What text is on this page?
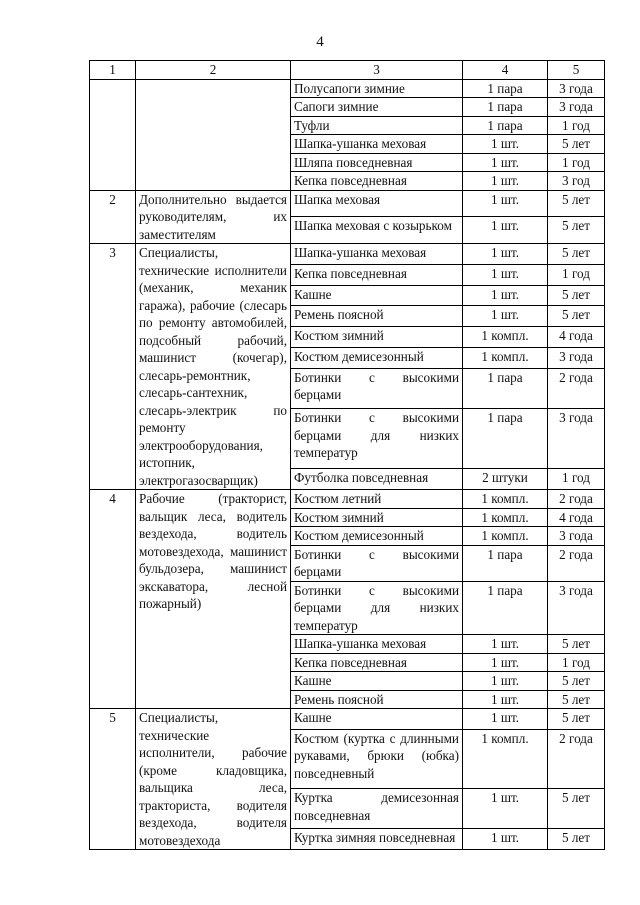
4
1	2	3	4	5
		Полусапоги зимние	1 пара	3 года
		Сапоги зимние	1 пара	3 года
		Туфли	1 пара	1 год
		Шапка-ушанка меховая	1 шт.	5 лет
		Шляпа повседневная	1 шт.	1 год
		Кепка повседневная	1 шт.	3 год
2	Дополнительно выдается руководителям, их заместителям	Шапка меховая	1 шт.	5 лет
		Шапка меховая с козырьком	1 шт.	5 лет
3	Специалисты, технические исполнители (механик, механик гаража), рабочие (слесарь по ремонту автомобилей, подсобный рабочий, машинист (кочегар), слесарь-ремонтник, слесарь-сантехник, слесарь-электрик по ремонту электрооборудования, истопник, электрогазосварщик)	Шапка-ушанка меховая	1 шт.	5 лет
		Кепка повседневная	1 шт.	1 год
		Кашне	1 шт.	5 лет
		Ремень поясной	1 шт.	5 лет
		Костюм зимний	1 компл.	4 года
		Костюм демисезонный	1 компл.	3 года
		Ботинки с высокими берцами	1 пара	2 года
		Ботинки с высокими берцами для низких температур	1 пара	3 года
		Футболка повседневная	2 штуки	1 год
4	Рабочие (тракторист, вальщик леса, водитель вездехода, водитель мотовездехода, машинист бульдозера, машинист экскаватора, лесной пожарный)	Костюм летний	1 компл.	2 года
		Костюм зимний	1 компл.	4 года
		Костюм демисезонный	1 компл.	3 года
		Ботинки с высокими берцами	1 пара	2 года
		Ботинки с высокими берцами для низких температур	1 пара	3 года
		Шапка-ушанка меховая	1 шт.	5 лет
		Кепка повседневная	1 шт.	1 год
		Кашне	1 шт.	5 лет
		Ремень поясной	1 шт.	5 лет
5	Специалисты, технические исполнители, рабочие (кроме кладовщика, вальщика леса, тракториста, водителя вездехода, водителя мотовездехода	Кашне	1 шт.	5 лет
		Костюм (куртка с длинными рукавами, брюки (юбка) повседневный	1 компл.	2 года
		Куртка демисезонная повседневная	1 шт.	5 лет
		Куртка зимняя повседневная	1 шт.	5 лет
